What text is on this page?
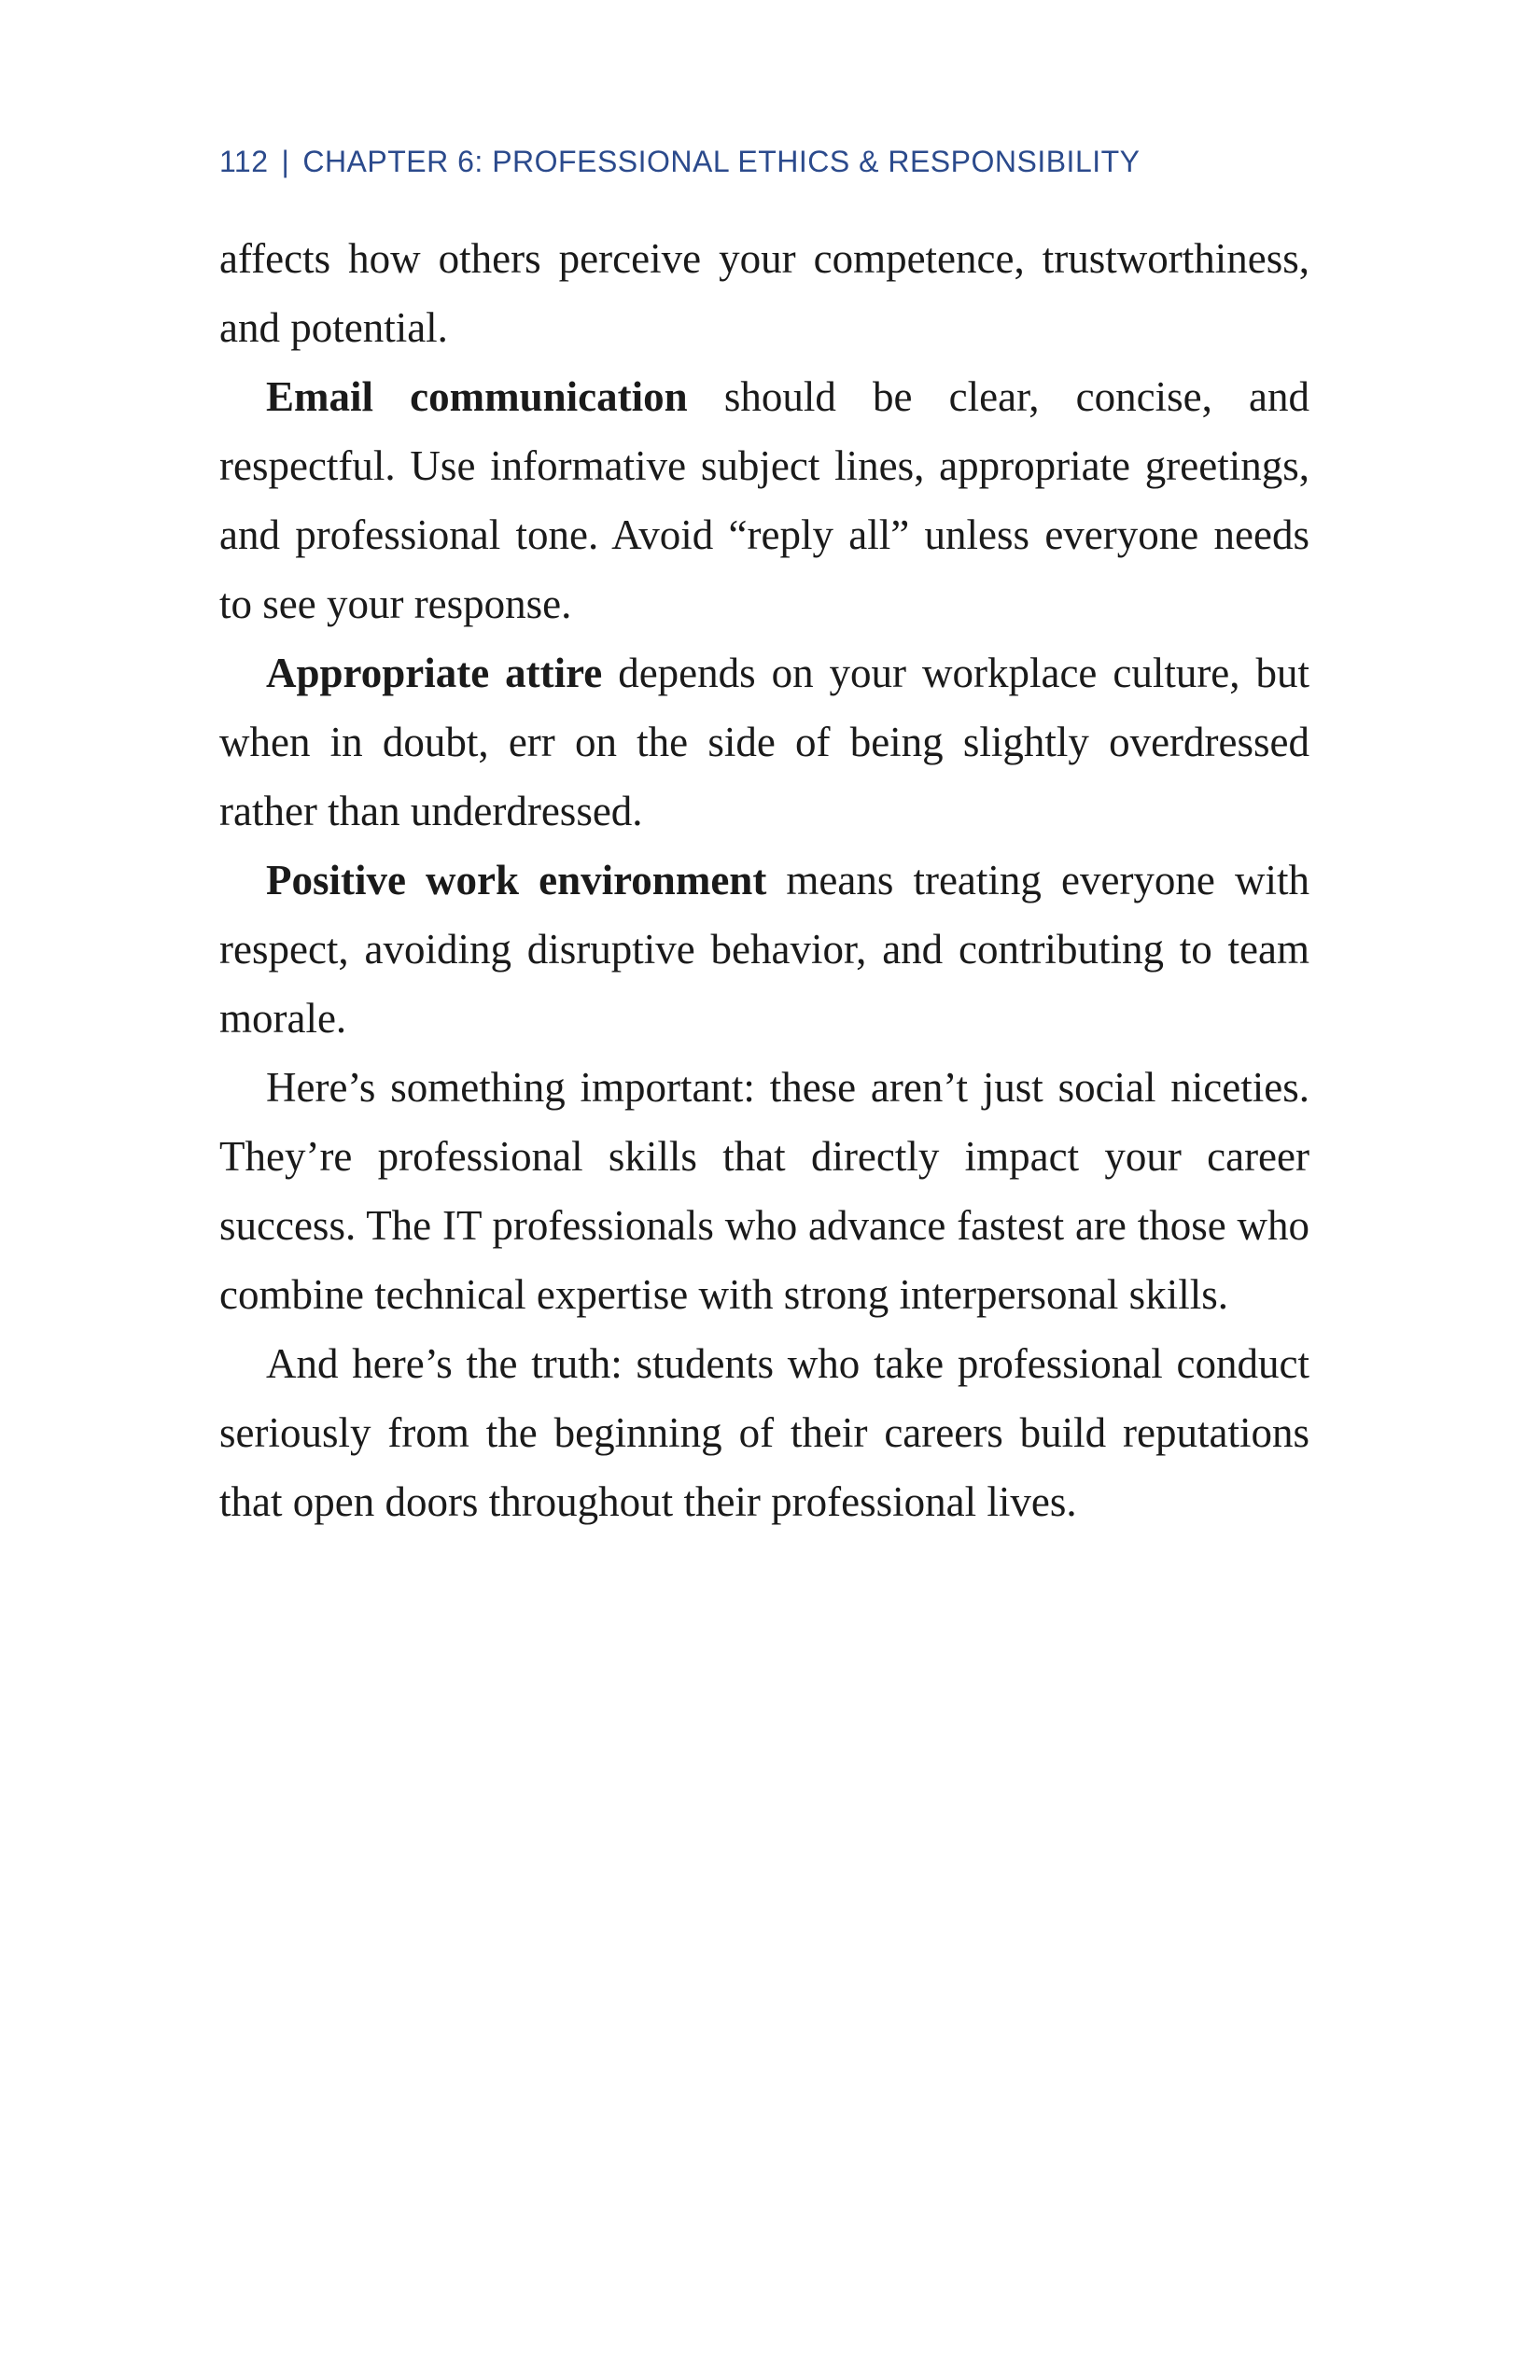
112 | CHAPTER 6: PROFESSIONAL ETHICS & RESPONSIBILITY

affects how others perceive your competence, trustworthiness, and potential.

Email communication should be clear, concise, and respectful. Use informative subject lines, appropriate greetings, and professional tone. Avoid “reply all” unless everyone needs to see your response.

Appropriate attire depends on your workplace culture, but when in doubt, err on the side of being slightly overdressed rather than underdressed.

Positive work environment means treating everyone with respect, avoiding disruptive behavior, and contributing to team morale.

Here’s something important: these aren’t just social niceties. They’re professional skills that directly impact your career success. The IT professionals who advance fastest are those who combine technical expertise with strong interpersonal skills.

And here’s the truth: students who take professional conduct seriously from the beginning of their careers build reputations that open doors throughout their professional lives.
